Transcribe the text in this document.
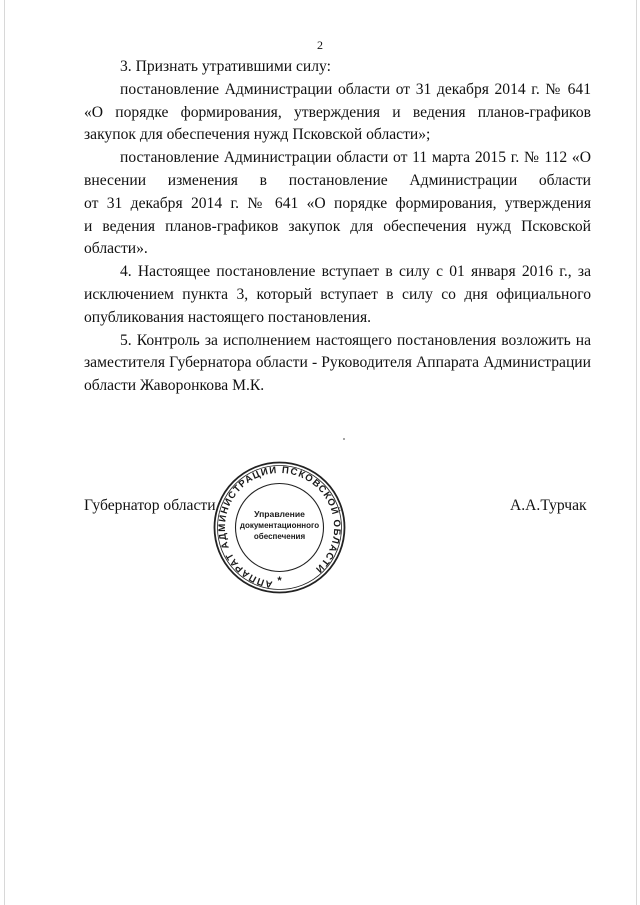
2

3. Признать утратившими силу:

постановление Администрации области от 31 декабря 2014 г. № 641 «О порядке формирования, утверждения и ведения планов-графиков закупок для обеспечения нужд Псковской области»;

постановление Администрации области от 11 марта 2015 г. № 112 «О

внесении изменения в постановление Администрации области

от 31 декабря 2014 г. № 641 «О порядке формирования, утверждения

и ведения планов-графиков закупок для обеспечения нужд Псковской

области».

4. Настоящее постановление вступает в силу с 01 января 2016 г., за исключением пункта 3, который вступает в силу со дня официального опубликования настоящего постановления.

5. Контроль за исполнением настоящего постановления возложить на заместителя Губернатора области - Руководителя Аппарата Администрации области Жаворонкова М.К.

Губернатор области	А.А.Турчак
АППАРАТ АДМИНИСТРАЦИИ ПСКОВСКОЙ ОБЛАСТИ
Управление
документационного
обеспечения
*
